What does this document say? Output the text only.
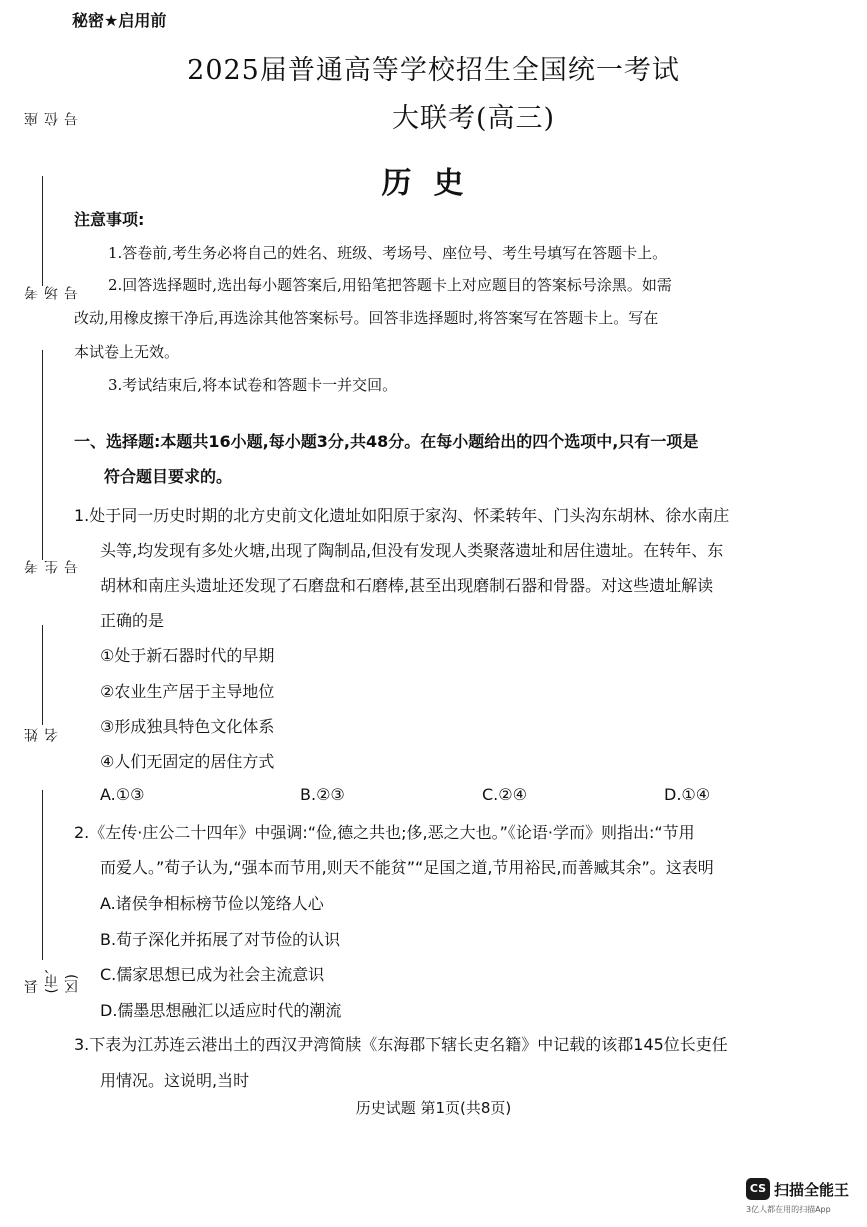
座位号
考场号
考生号
姓名
县(市、区)
秘密★启用前
2025届普通高等学校招生全国统一考试
大联考(高三)
历史
注意事项:
1.答卷前,考生务必将自己的姓名、班级、考场号、座位号、考生号填写在答题卡上。
2.回答选择题时,选出每小题答案后,用铅笔把答题卡上对应题目的答案标号涂黑。如需
改动,用橡皮擦干净后,再选涂其他答案标号。回答非选择题时,将答案写在答题卡上。写在
本试卷上无效。
3.考试结束后,将本试卷和答题卡一并交回。
一、选择题:本题共16小题,每小题3分,共48分。在每小题给出的四个选项中,只有一项是
符合题目要求的。
1.处于同一历史时期的北方史前文化遗址如阳原于家沟、怀柔转年、门头沟东胡林、徐水南庄
头等,均发现有多处火塘,出现了陶制品,但没有发现人类聚落遗址和居住遗址。在转年、东
胡林和南庄头遗址还发现了石磨盘和石磨棒,甚至出现磨制石器和骨器。对这些遗址解读
正确的是
①处于新石器时代的早期
②农业生产居于主导地位
③形成独具特色文化体系
④人们无固定的居住方式
A.①③	B.②③	C.②④	D.①④
2.《左传·庄公二十四年》中强调:“俭,德之共也;侈,恶之大也。”《论语·学而》则指出:“节用
而爱人。”荀子认为,“强本而节用,则天不能贫”“足国之道,节用裕民,而善臧其余”。这表明
A.诸侯争相标榜节俭以笼络人心
B.荀子深化并拓展了对节俭的认识
C.儒家思想已成为社会主流意识
D.儒墨思想融汇以适应时代的潮流
3.下表为江苏连云港出土的西汉尹湾简牍《东海郡下辖长吏名籍》中记载的该郡145位长吏任
用情况。这说明,当时
历史试题 第1页(共8页)
CS 扫描全能王
3亿人都在用的扫描App
